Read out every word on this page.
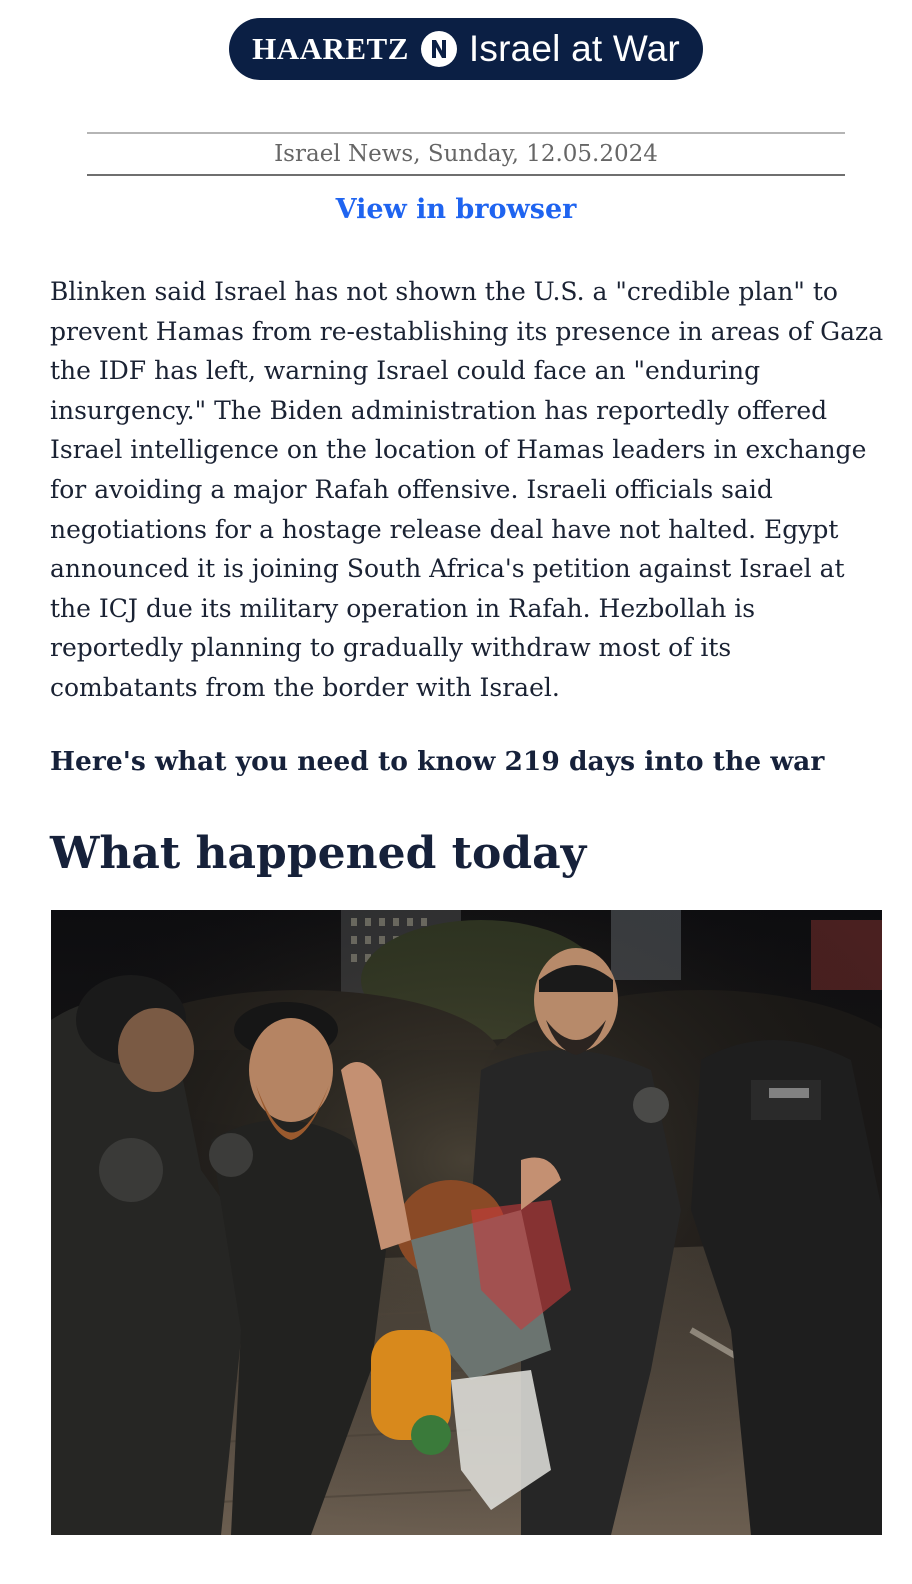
HAARETZ Israel at War
Israel News, Sunday, 12.05.2024
View in browser

Blinken said Israel has not shown the U.S. a "credible plan" to prevent Hamas from re-establishing its presence in areas of Gaza the IDF has left, warning Israel could face an "enduring insurgency." The Biden administration has reportedly offered Israel intelligence on the location of Hamas leaders in exchange for avoiding a major Rafah offensive. Israeli officials said negotiations for a hostage release deal have not halted. Egypt announced it is joining South Africa's petition against Israel at the ICJ due its military operation in Rafah. Hezbollah is reportedly planning to gradually withdraw most of its combatants from the border with Israel.

Here's what you need to know 219 days into the war

What happened today
